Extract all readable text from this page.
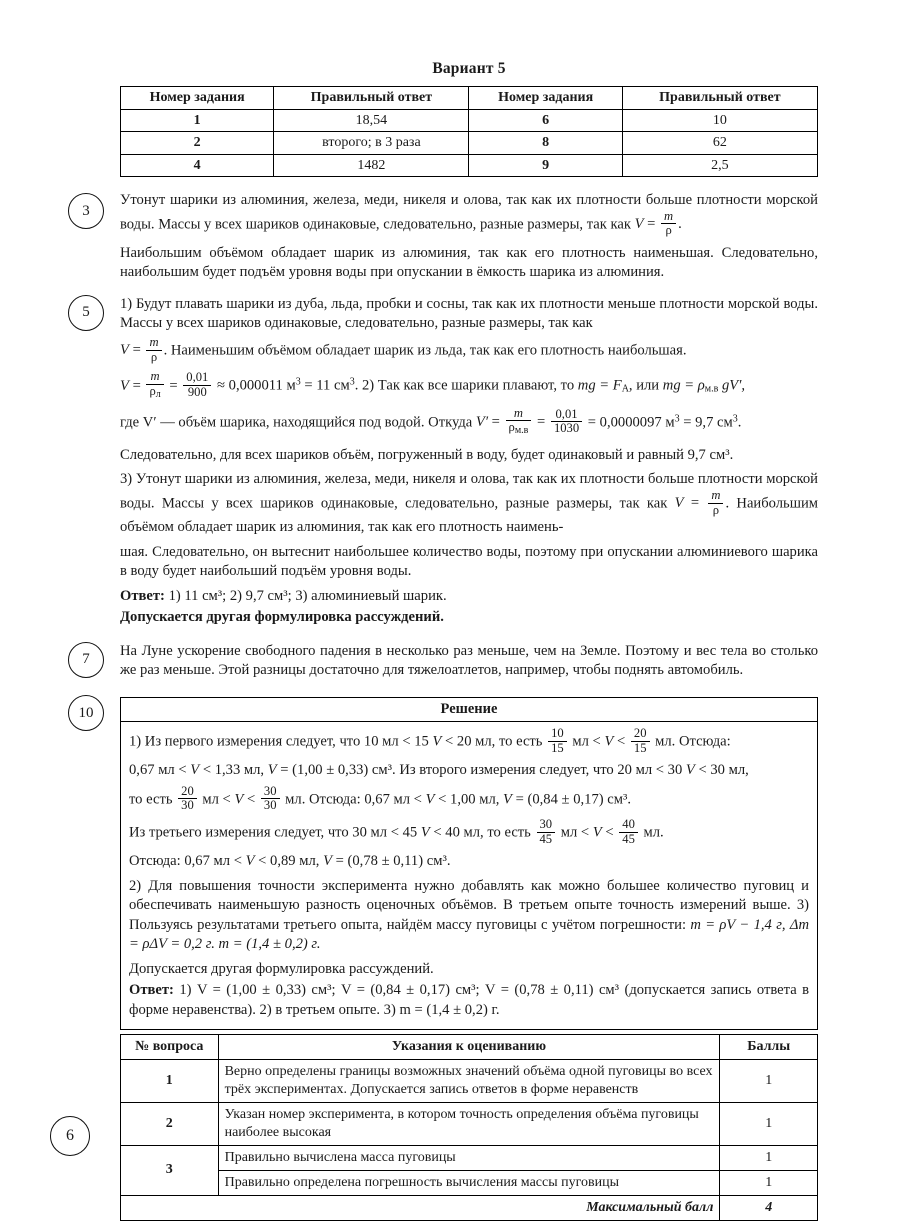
Вариант 5
Номер задания	Правильный ответ	Номер задания	Правильный ответ
1	18,54	6	10
2	второго; в 3 раза	8	62
4	1482	9	2,5
3

Утонут шарики из алюминия, железа, меди, никеля и олова, так как их плотности больше плотности морской воды. Массы у всех шариков одинаковые, следовательно, разные размеры, так как $V = \frac{m}{\rho}$ .

Наибольшим объёмом обладает шарик из алюминия, так как его плотность наименьшая. Следовательно, наибольшим будет подъём уровня воды при опускании в ёмкость шарика из алюминия.

5

1) Будут плавать шарики из дуба, льда, пробки и сосны, так как их плотности меньше плотности морской воды. Массы у всех шариков одинаковые, следовательно, разные размеры, так как

$V = \frac{m}{\rho}$ . Наименьшим объёмом обладает шарик из льда, так как его плотность наибольшая.

$V = \frac{m}{\rho_л} = \frac{0,01}{900} \approx 0,000011$ $м^3 = 11$ $см^3$. 2) Так как все шарики плавают, то mg = $F_А$, или mg = $\rho_{м.в}$ gV′,

где V′ — объём шарика, находящийся под водой. Откуда $V' = \frac{m}{\rho_{м.в}} = \frac{0,01}{1030} = 0,0000097$ $м^3 = 9,7$ $см^3$.

Следовательно, для всех шариков объём, погруженный в воду, будет одинаковый и равный 9,7 см³.

3) Утонут шарики из алюминия, железа, меди, никеля и олова, так как их плотности больше плотности морской воды. Массы у всех шариков одинаковые, следовательно, разные размеры, так как $V = \frac{m}{\rho}$ . Наибольшим объёмом обладает шарик из алюминия, так как его плотность наимень-

шая. Следовательно, он вытеснит наибольшее количество воды, поэтому при опускании алюминиевого шарика в воду будет наибольший подъём уровня воды.

Ответ: 1) 11 см³; 2) 9,7 см³; 3) алюминиевый шарик.

Допускается другая формулировка рассуждений.

7

На Луне ускорение свободного падения в несколько раз меньше, чем на Земле. Поэтому и вес тела во столько же раз меньше. Этой разницы достаточно для тяжелоатлетов, например, чтобы поднять автомобиль.

10	Решение

1) Из первого измерения следует, что 10 мл < 15 V < 20 мл, то есть $\frac{10}{15}$ мл < $V < \frac{20}{15}$ мл. Отсюда:

0,67 мл < V < 1,33 мл, V = (1,00 ± 0,33) см³. Из второго измерения следует, что 20 мл < 30 V < 30 мл,

то есть $\frac{20}{30}$ мл < $V < \frac{30}{30}$ мл. Отсюда: 0,67 мл < V < 1,00 мл, V = (0,84 ± 0,17) см³.

Из третьего измерения следует, что 30 мл < 45 V < 40 мл, то есть $\frac{30}{45}$ мл < $V < \frac{40}{45}$ мл.

Отсюда: 0,67 мл < V < 0,89 мл, V = (0,78 ± 0,11) см³.

2) Для повышения точности эксперимента нужно добавлять как можно большее количество пуговиц и обеспечивать наименьшую разность оценочных объёмов. В третьем опыте точность измерений выше. 3) Пользуясь результатами третьего опыта, найдём массу пуговицы с учётом погрешности: m = ρV − 1,4 г, Δm = ρΔV = 0,2 г. m = (1,4 ± 0,2) г.

Допускается другая формулировка рассуждений.

Ответ: 1) V = (1,00 ± 0,33) см³; V = (0,84 ± 0,17) см³; V = (0,78 ± 0,11) см³ (допускается запись ответа в форме неравенства). 2) в третьем опыте. 3) m = (1,4 ± 0,2) г.

№ вопроса	Указания к оцениванию	Баллы
1	Верно определены границы возможных значений объёма одной пуговицы во всех трёх экспериментах. Допускается запись ответов в форме неравенств	1
2	Указан номер эксперимента, в котором точность определения объёма пуговицы наиболее высокая	1
3	Правильно вычислена масса пуговицы	1
	Правильно определена погрешность вычисления массы пуговицы	1
Максимальный балл		4
6
